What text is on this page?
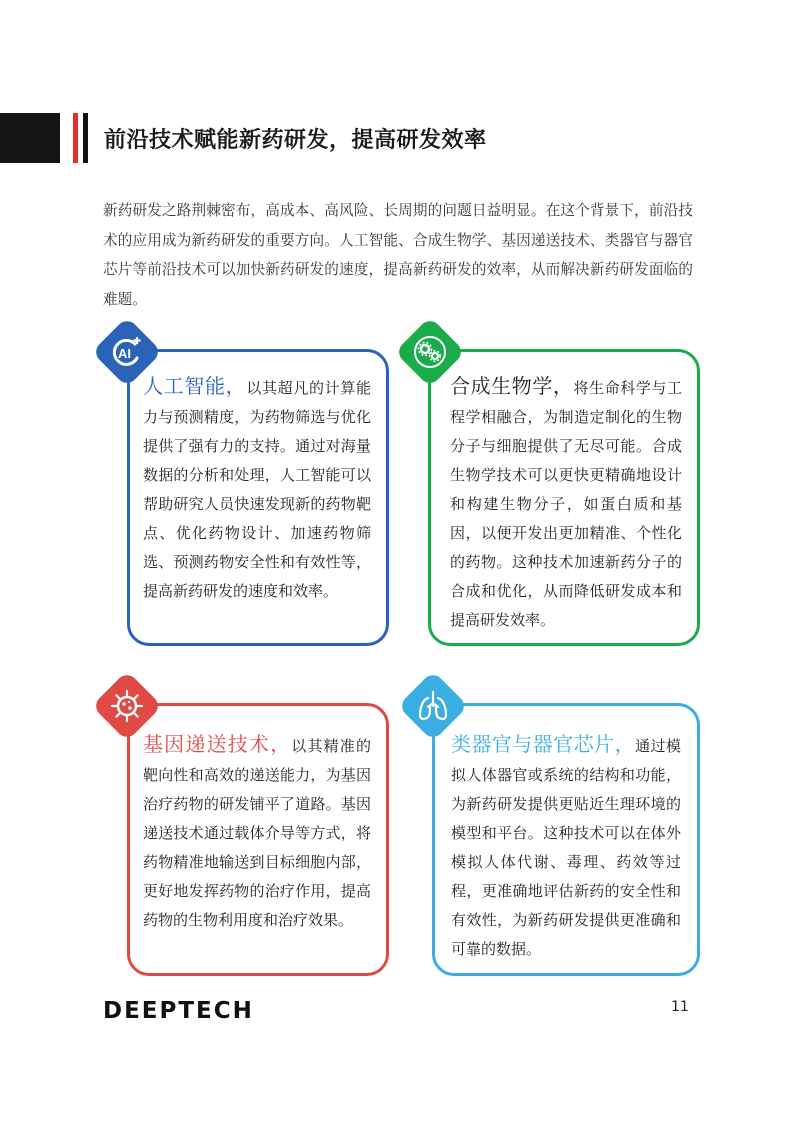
前沿技术赋能新药研发，提高研发效率
新药研发之路荆棘密布，高成本、高风险、长周期的问题日益明显。在这个背景下，前沿技术的应用成为新药研发的重要方向。人工智能、合成生物学、基因递送技术、类器官与器官芯片等前沿技术可以加快新药研发的速度，提高新药研发的效率，从而解决新药研发面临的难题。
AI
人工智能，以其超凡的计算能力与预测精度，为药物筛选与优化提供了强有力的支持。通过对海量数据的分析和处理，人工智能可以帮助研究人员快速发现新的药物靶点、优化药物设计、加速药物筛选、预测药物安全性和有效性等，提高新药研发的速度和效率。
合成生物学，将生命科学与工程学相融合，为制造定制化的生物分子与细胞提供了无尽可能。合成生物学技术可以更快更精确地设计和构建生物分子，如蛋白质和基因，以便开发出更加精准、个性化的药物。这种技术加速新药分子的合成和优化，从而降低研发成本和提高研发效率。
基因递送技术，以其精准的靶向性和高效的递送能力，为基因治疗药物的研发铺平了道路。基因递送技术通过载体介导等方式，将药物精准地输送到目标细胞内部，更好地发挥药物的治疗作用，提高药物的生物利用度和治疗效果。
类器官与器官芯片，通过模拟人体器官或系统的结构和功能，为新药研发提供更贴近生理环境的模型和平台。这种技术可以在体外模拟人体代谢、毒理、药效等过程，更准确地评估新药的安全性和有效性，为新药研发提供更准确和可靠的数据。
DEEPTECH	11
